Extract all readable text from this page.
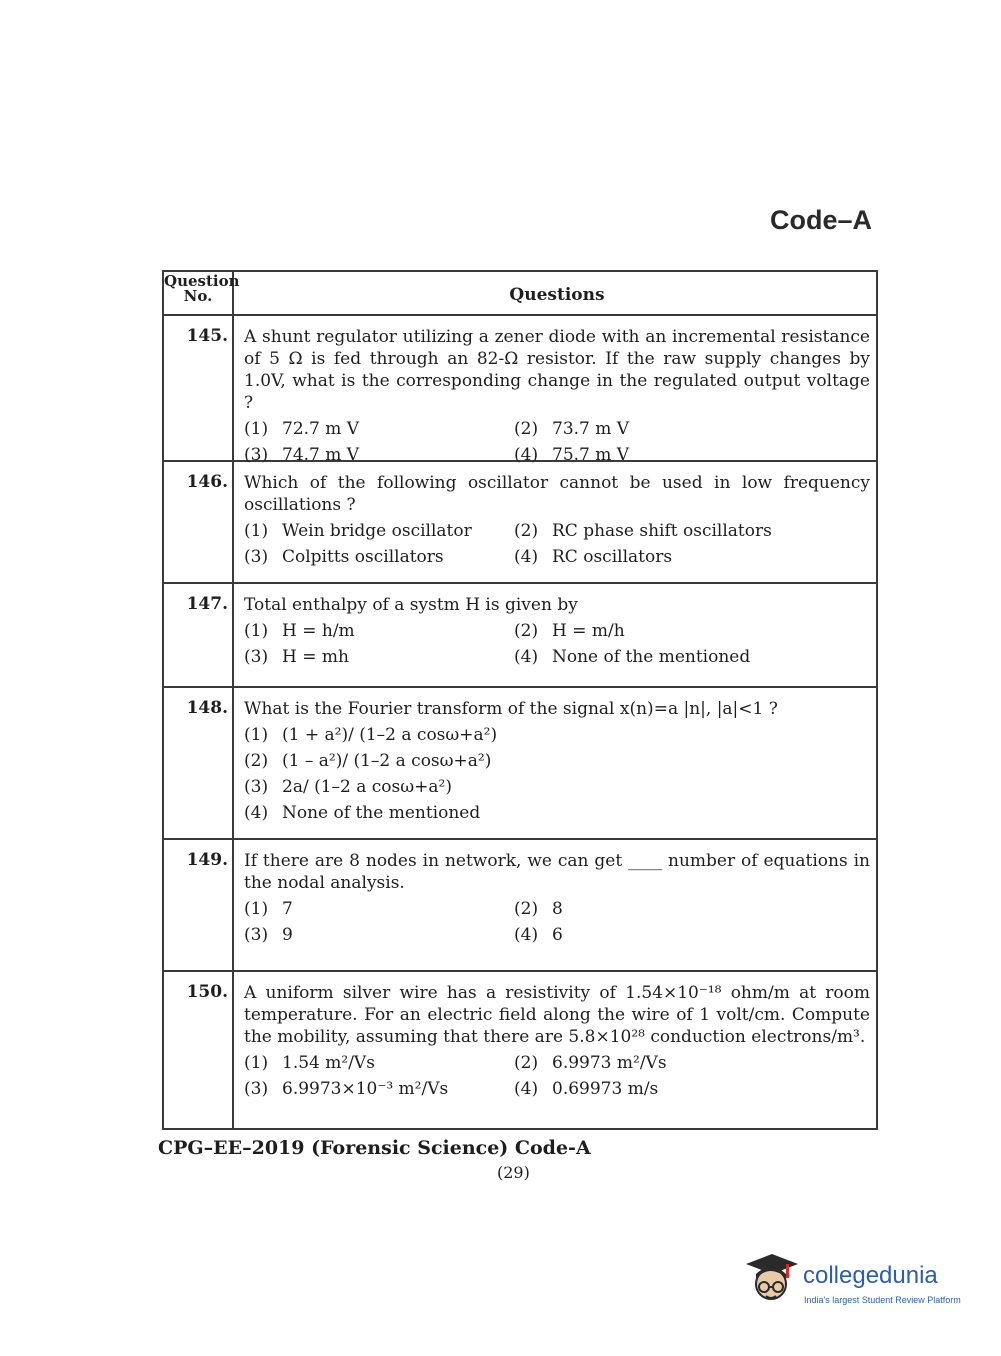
Code–A
Question No.	Questions
145. A shunt regulator utilizing a zener diode with an incremental resistance of 5 Ω is fed through an 82-Ω resistor. If the raw supply changes by 1.0V, what is the corresponding change in the regulated output voltage ?
(1) 72.7 m V	(2) 73.7 m V
(3) 74.7 m V	(4) 75.7 m V
146. Which of the following oscillator cannot be used in low frequency oscillations ?
(1) Wein bridge oscillator (2) RC phase shift oscillators
(3) Colpitts oscillators	(4) RC oscillators
147. Total enthalpy of a systm H is given by
(1) H = h/m	(2) H = m/h
(3) H = mh	(4) None of the mentioned
148. What is the Fourier transform of the signal x(n)=a |n|, |a|<1 ?
(1) (1 + a²)/ (1–2 a cosω+a²)
(2) (1 – a²)/ (1–2 a cosω+a²)
(3) 2a/ (1–2 a cosω+a²)
(4) None of the mentioned
149. If there are 8 nodes in network, we can get ____ number of equations in the nodal analysis.
(1) 7	(2) 8
(3) 9	(4) 6
150. A uniform silver wire has a resistivity of 1.54×10⁻¹⁸ ohm/m at room temperature. For an electric field along the wire of 1 volt/cm. Compute the mobility, assuming that there are 5.8×10²⁸ conduction electrons/m³.
(1) 1.54 m²/Vs	(2) 6.9973 m²/Vs
(3) 6.9973×10⁻³ m²/Vs	(4) 0.69973 m/s
CPG–EE–2019 (Forensic Science) Code-A
(29)
collegedunia
India's largest Student Review Platform
